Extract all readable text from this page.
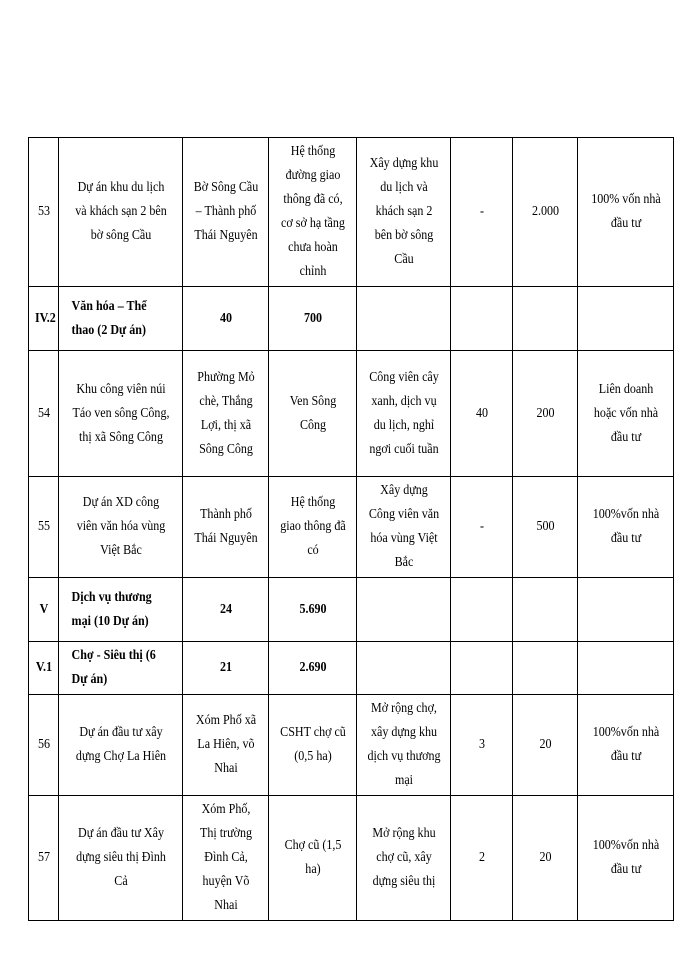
53	Dự án khu du lịch và khách sạn 2 bên bờ sông Cầu	Bờ Sông Cầu – Thành phố Thái Nguyên	Hệ thống đường giao thông đã có, cơ sở hạ tầng chưa hoàn chỉnh	Xây dựng khu du lịch và khách sạn 2 bên bờ sông Cầu	-	2.000	100% vốn nhà đầu tư
IV.2	Văn hóa – Thể thao (2 Dự án)	40	700				
54	Khu công viên núi Táo ven sông Công, thị xã Sông Công	Phường Mỏ chè, Thắng Lợi, thị xã Sông Công	Ven Sông Công	Công viên cây xanh, dịch vụ du lịch, nghỉ ngơi cuối tuần	40	200	Liên doanh hoặc vốn nhà đầu tư
55	Dự án XD công viên văn hóa vùng Việt Bắc	Thành phố Thái Nguyên	Hệ thống giao thông đã có	Xây dựng Công viên văn hóa vùng Việt Bắc	-	500	100%vốn nhà đầu tư
V	Dịch vụ thương mại (10 Dự án)	24	5.690				
V.1	Chợ - Siêu thị (6 Dự án)	21	2.690				
56	Dự án đầu tư xây dựng Chợ La Hiên	Xóm Phố xã La Hiên, võ Nhai	CSHT chợ cũ (0,5 ha)	Mở rộng chợ, xây dựng khu dịch vụ thương mại	3	20	100%vốn nhà đầu tư
57	Dự án đầu tư Xây dựng siêu thị Đình Cả	Xóm Phố, Thị trường Đình Cả, huyện Võ Nhai	Chợ cũ (1,5 ha)	Mở rộng khu chợ cũ, xây dựng siêu thị	2	20	100%vốn nhà đầu tư
